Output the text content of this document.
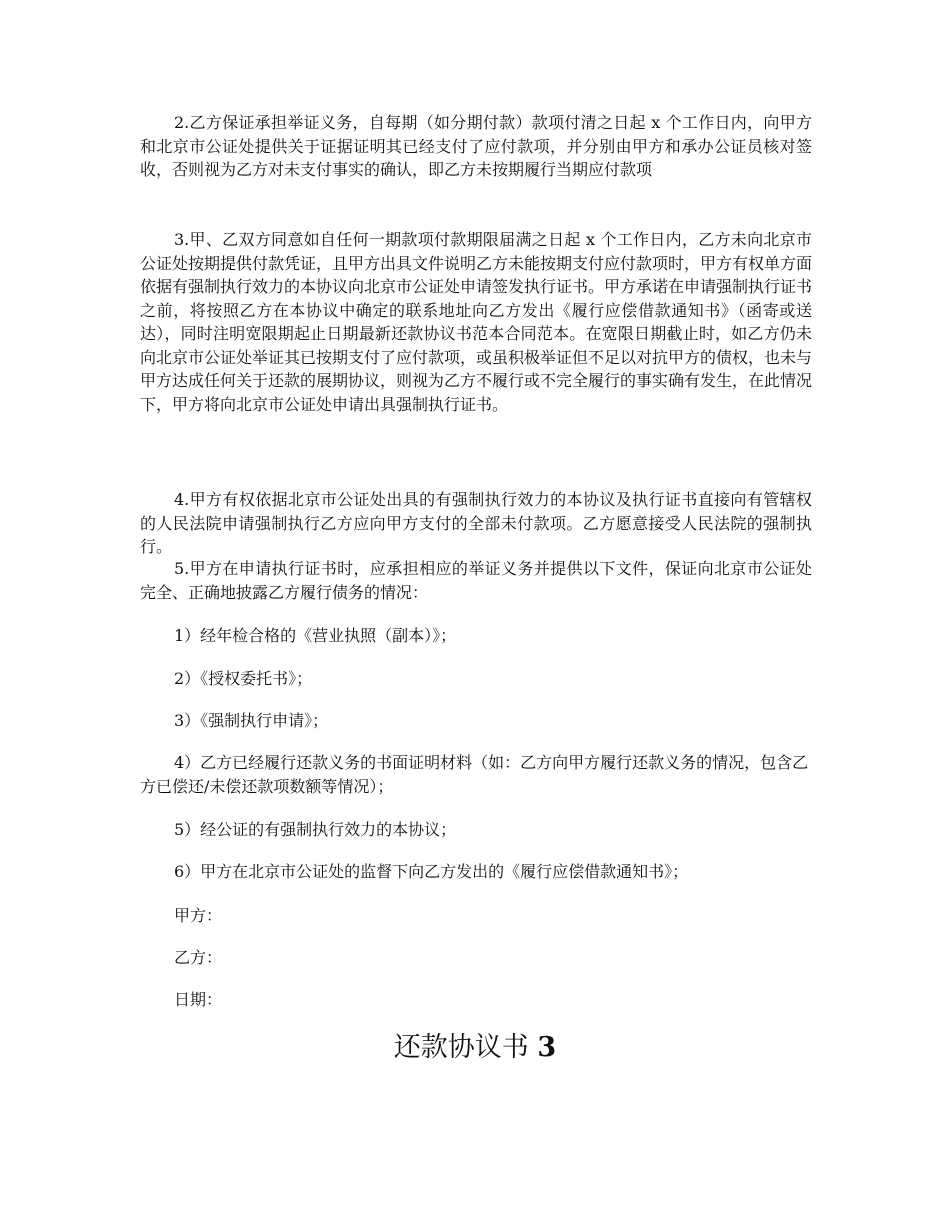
2.乙方保证承担举证义务，自每期（如分期付款）款项付清之日起 x 个工作日内，向甲方和北京市公证处提供关于证据证明其已经支付了应付款项，并分别由甲方和承办公证员核对签收，否则视为乙方对未支付事实的确认，即乙方未按期履行当期应付款项

3.甲、乙双方同意如自任何一期款项付款期限届满之日起 x 个工作日内，乙方未向北京市公证处按期提供付款凭证，且甲方出具文件说明乙方未能按期支付应付款项时，甲方有权单方面依据有强制执行效力的本协议向北京市公证处申请签发执行证书。甲方承诺在申请强制执行证书之前，将按照乙方在本协议中确定的联系地址向乙方发出《履行应偿借款通知书》（函寄或送达），同时注明宽限期起止日期最新还款协议书范本合同范本。在宽限日期截止时，如乙方仍未向北京市公证处举证其已按期支付了应付款项，或虽积极举证但不足以对抗甲方的债权，也未与甲方达成任何关于还款的展期协议，则视为乙方不履行或不完全履行的事实确有发生，在此情况下，甲方将向北京市公证处申请出具强制执行证书。

4.甲方有权依据北京市公证处出具的有强制执行效力的本协议及执行证书直接向有管辖权的人民法院申请强制执行乙方应向甲方支付的全部未付款项。乙方愿意接受人民法院的强制执行。

5.甲方在申请执行证书时，应承担相应的举证义务并提供以下文件，保证向北京市公证处完全、正确地披露乙方履行债务的情况：

1）经年检合格的《营业执照（副本）》；

2）《授权委托书》；

3）《强制执行申请》；

4）乙方已经履行还款义务的书面证明材料（如：乙方向甲方履行还款义务的情况，包含乙方已偿还/未偿还款项数额等情况）；

5）经公证的有强制执行效力的本协议；

6）甲方在北京市公证处的监督下向乙方发出的《履行应偿借款通知书》；

甲方：

乙方：

日期：

还款协议书 3
